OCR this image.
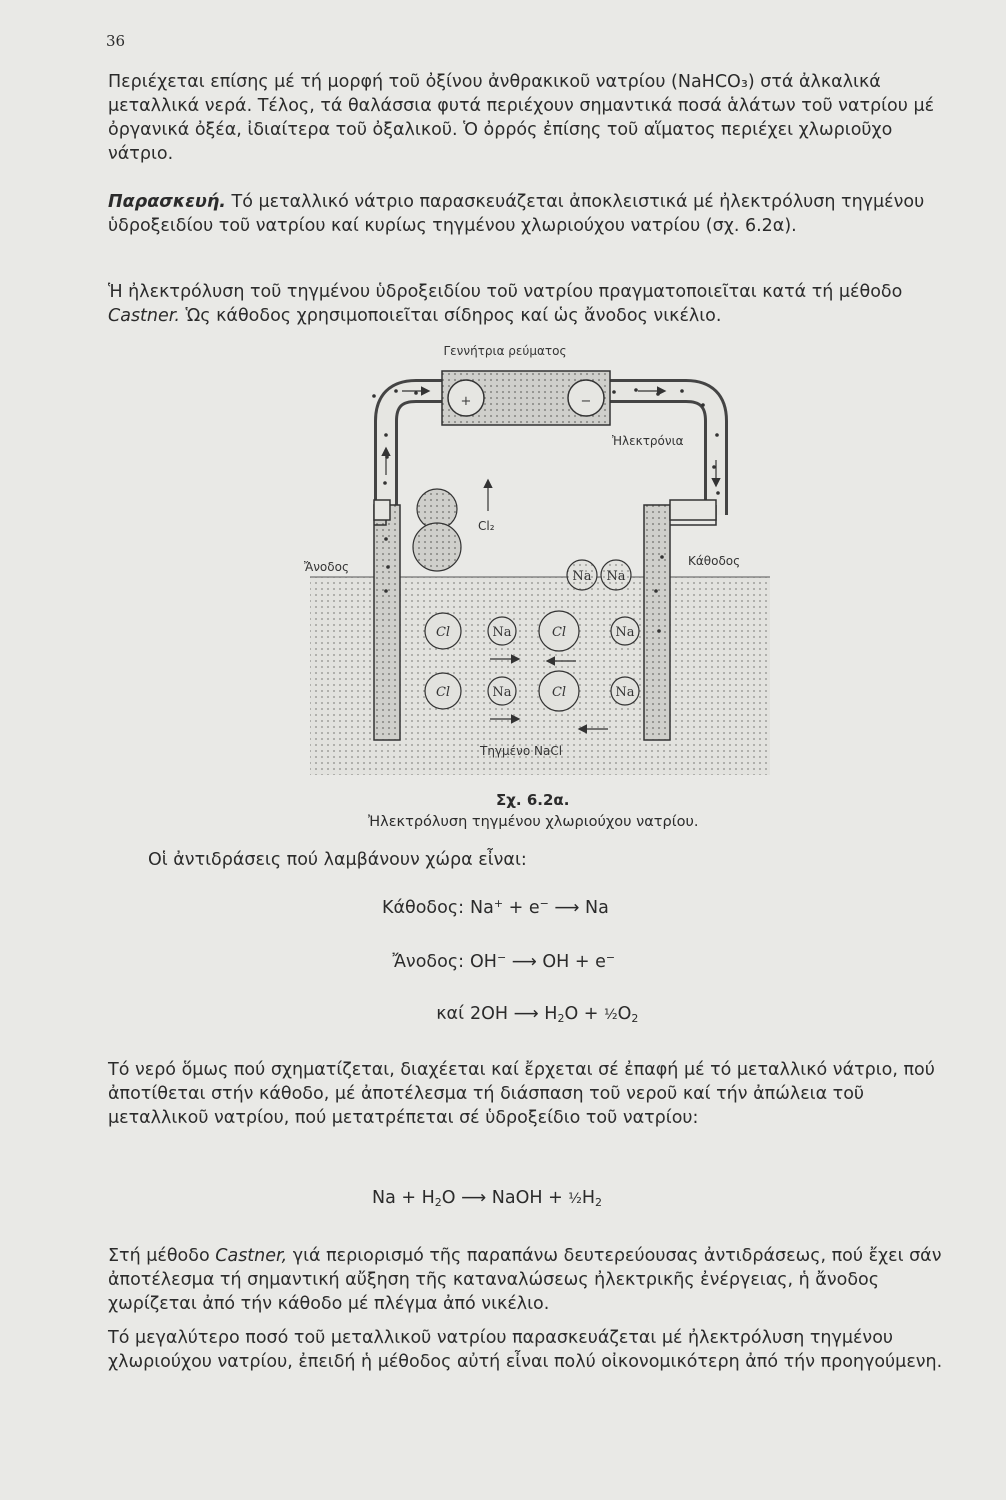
36

Περιέχεται επίσης μέ τή μορφή τοῦ ὀξίνου ἀνθρακικοῦ νατρίου (NaHCO₃) στά ἀλκαλικά μεταλλικά νερά. Τέλος, τά θαλάσσια φυτά περιέχουν σημαντικά ποσά ἁλάτων τοῦ νατρίου μέ ὀργανικά ὀξέα, ἰδιαίτερα τοῦ ὀξαλικοῦ. Ὁ ὀρρός ἐπίσης τοῦ αἵματος περιέχει χλωριοῦχο νάτριο.

Παρασκευή. Τό μεταλλικό νάτριο παρασκευάζεται ἀποκλειστικά μέ ἠλεκτρόλυση τηγμένου ὑδροξειδίου τοῦ νατρίου καί κυρίως τηγμένου χλωριούχου νατρίου (σχ. 6.2α).

Ἡ ἠλεκτρόλυση τοῦ τηγμένου ὑδροξειδίου τοῦ νατρίου πραγματοποιεῖται κατά τή μέθοδο Castner. Ὡς κάθοδος χρησιμοποιεῖται σίδηρος καί ὡς ἄνοδος νικέλιο.

+	−
Γεννήτρια ρεύματος
Ἠλεκτρόνια
Cl₂
Ἄνοδος	Κάθοδος
Na Na
Cl	Na	Cl	Na
Cl	Na	Cl	Na
Τηγμένο NaCl
Σχ. 6.2α.
Ἠλεκτρόλυση τηγμένου χλωριούχου νατρίου.

Οἱ ἀντιδράσεις πού λαμβάνουν χώρα εἶναι:

Κάθοδος: Na+ + e− ⟶ Na
Ἄνοδος: OH− ⟶ OH + e−
καί 2OH ⟶ $H_2O$ + $^1⁄_2O_2$

Τό νερό ὅμως πού σχηματίζεται, διαχέεται καί ἔρχεται σέ ἐπαφή μέ τό μεταλλικό νάτριο, πού ἀποτίθεται στήν κάθοδο, μέ ἀποτέλεσμα τή διάσπαση τοῦ νεροῦ καί τήν ἀπώλεια τοῦ μεταλλικοῦ νατρίου, πού μετατρέπεται σέ ὑδροξείδιο τοῦ νατρίου:

$Na + H_2O$ ⟶ NaOH + $^1⁄_2H_2$

Στή μέθοδο Castner, γιά περιορισμό τῆς παραπάνω δευτερεύουσας ἀντιδράσεως, πού ἔχει σάν ἀποτέλεσμα τή σημαντική αὔξηση τῆς καταναλώσεως ἠλεκτρικῆς ἐνέργειας, ἡ ἄνοδος χωρίζεται ἀπό τήν κάθοδο μέ πλέγμα ἀπό νικέλιο.

Τό μεγαλύτερο ποσό τοῦ μεταλλικοῦ νατρίου παρασκευάζεται μέ ἠλεκτρόλυση τηγμένου χλωριούχου νατρίου, ἐπειδή ἡ μέθοδος αὐτή εἶναι πολύ οἰκονομικότερη ἀπό τήν προηγούμενη.
